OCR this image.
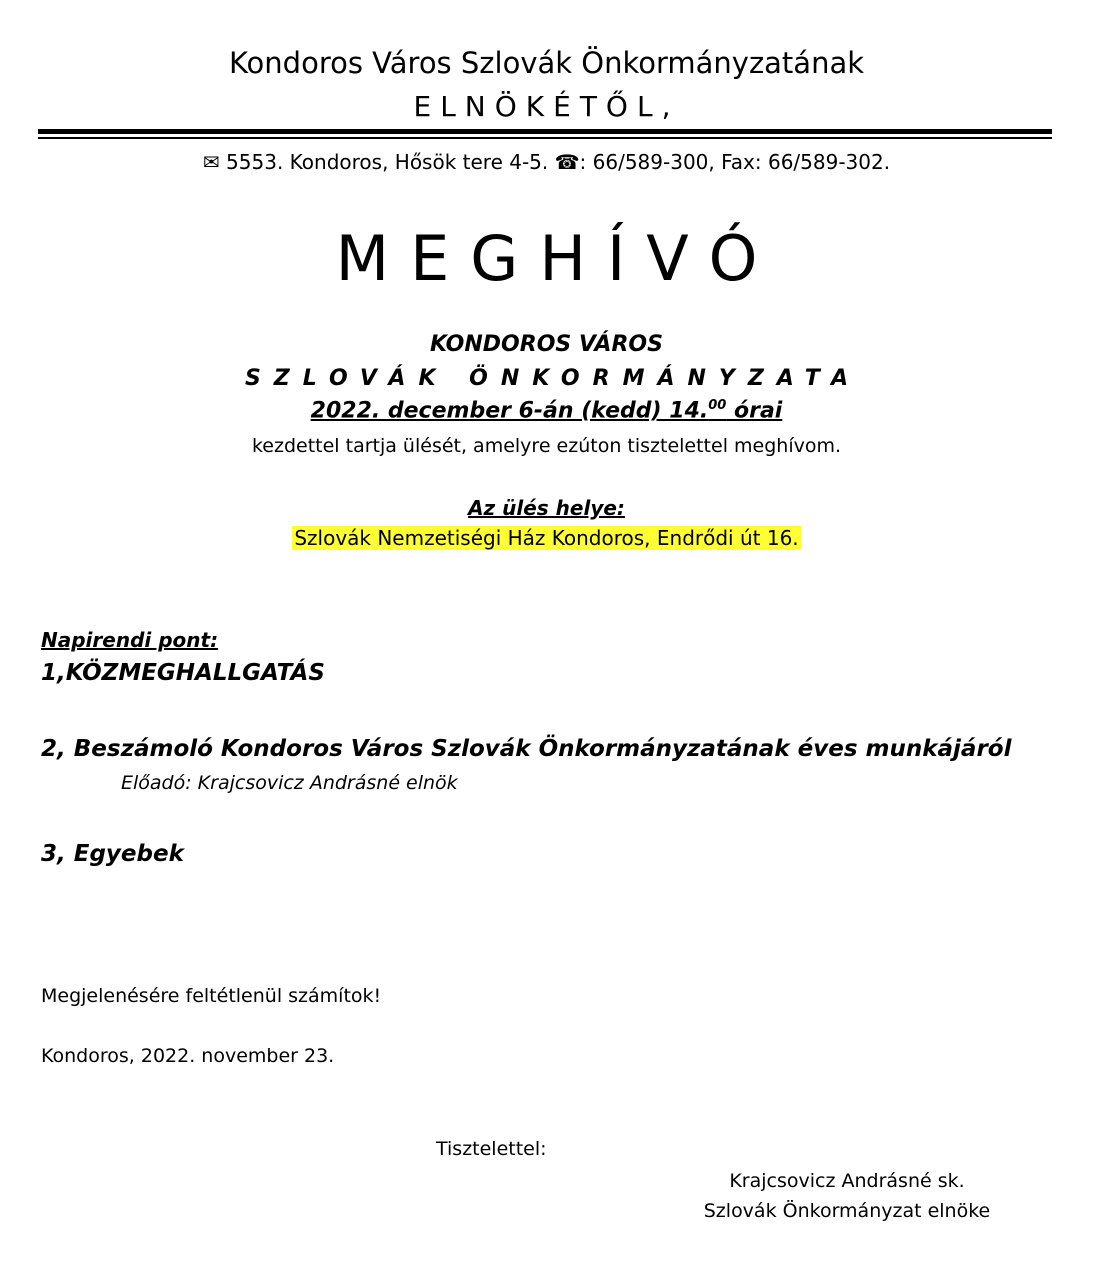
Kondoros Város Szlovák Önkormányzatának
ELNÖKÉTŐL,
✉ 5553. Kondoros, Hősök tere 4-5. ☎: 66/589-300, Fax: 66/589-302.
MEGHÍVÓ
KONDOROS VÁROS
SZLOVÁK ÖNKORMÁNYZATA
2022. december 6-án (kedd) 14.00 órai
kezdettel tartja ülését, amelyre ezúton tisztelettel meghívom.
Az ülés helye:
Szlovák Nemzetiségi Ház Kondoros, Endrődi út 16.
Napirendi pont:
1,KÖZMEGHALLGATÁS
2, Beszámoló Kondoros Város Szlovák Önkormányzatának éves munkájáról
Előadó: Krajcsovicz Andrásné elnök
3, Egyebek
Megjelenésére feltétlenül számítok!
Kondoros, 2022. november 23.
Tisztelettel:
Krajcsovicz Andrásné sk.
Szlovák Önkormányzat elnöke
